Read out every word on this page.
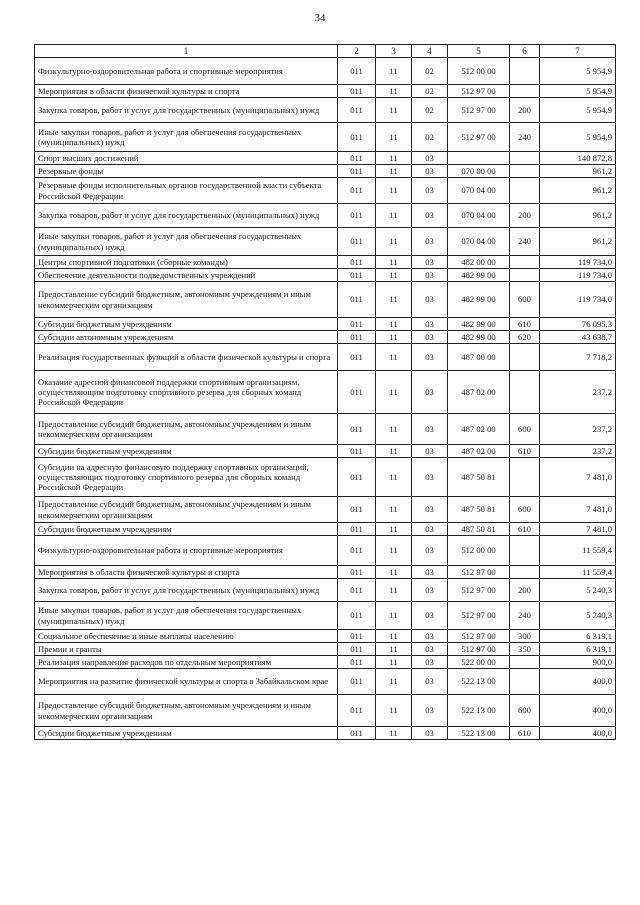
34
1	2	3	4	5	6	7
Физкультурно-оздоровительная работа и спортивные мероприятия	011	11	02	512 00 00		5 954,9
Мероприятия в области физической культуры и спорта	011	11	02	512 97 00		5 954,9
Закупка товаров, работ и услуг для государственных (муниципальных) нужд	011	11	02	512 97 00	200	5 954,9
Иные закупки товаров, работ и услуг для обеспечения государственных (муниципальных) нужд	011	11	02	512 97 00	240	5 954,9
Спорт высших достижений	011	11	03			140 872,8
Резервные фонды	011	11	03	070 00 00		961,2
Резервные фонды исполнительных органов государственной власти субъекта Российской Федерации	011	11	03	070 04 00		961,2
Закупка товаров, работ и услуг для государственных (муниципальных) нужд	011	11	03	070 04 00	200	961,2
Иные закупки товаров, работ и услуг для обеспечения государственных (муниципальных) нужд	011	11	03	070 04 00	240	961,2
Центры спортивной подготовки (сборные команды)	011	11	03	482 00 00		119 734,0
Обеспечение деятельности подведомственных учреждений	011	11	03	482 99 00		119 734,0
Предоставление субсидий бюджетным, автономным учреждениям и иным некоммерческим организациям	011	11	03	482 99 00	600	119 734,0
Субсидии бюджетным учреждениям	011	11	03	482 99 00	610	76 095,3
Субсидии автономным учреждениям	011	11	03	482 99 00	620	43 638,7
Реализация государственных функций в области физической культуры и спорта	011	11	03	487 00 00		7 718,2
Оказание адресной финансовой поддержки спортивным организациям, осуществляющим подготовку спортивного резерва для сборных команд Российской Федерации	011	11	03	487 02 00		237,2
Предоставление субсидий бюджетным, автономным учреждениям и иным некоммерческим организациям	011	11	03	487 02 00	600	237,2
Субсидии бюджетным учреждениям	011	11	03	487 02 00	610	237,2
Субсидии на адресную финансовую поддержку спортивных организаций, осуществляющих подготовку спортивного резерва для сборных команд Российской Федерации	011	11	03	487 50 81		7 481,0
Предоставление субсидий бюджетным, автономным учреждениям и иным некоммерческим организациям	011	11	03	487 50 81	600	7 481,0
Субсидии бюджетным учреждениям	011	11	03	487 50 81	610	7 481,0
Физкультурно-оздоровительная работа и спортивные мероприятия	011	11	03	512 00 00		11 559,4
Мероприятия в области физической культуры и спорта	011	11	03	512 97 00		11 559,4
Закупка товаров, работ и услуг для государственных (муниципальных) нужд	011	11	03	512 97 00	200	5 240,3
Иные закупки товаров, работ и услуг для обеспечения государственных (муниципальных) нужд	011	11	03	512 97 00	240	5 240,3
Социальное обеспечение и иные выплаты населению	011	11	03	512 97 00	300	6 319,1
Премии и гранты	011	11	03	512 97 00	350	6 319,1
Реализация направления расходов по отдельным мероприятиям	011	11	03	522 00 00		900,0
Мероприятия на развитие физической культуры и спорта в Забайкальском крае	011	11	03	522 13 00		400,0
Предоставление субсидий бюджетным, автономным учреждениям и иным некоммерческим организациям	011	11	03	522 13 00	600	400,0
Субсидии бюджетным учреждениям	011	11	03	522 13 00	610	400,0
